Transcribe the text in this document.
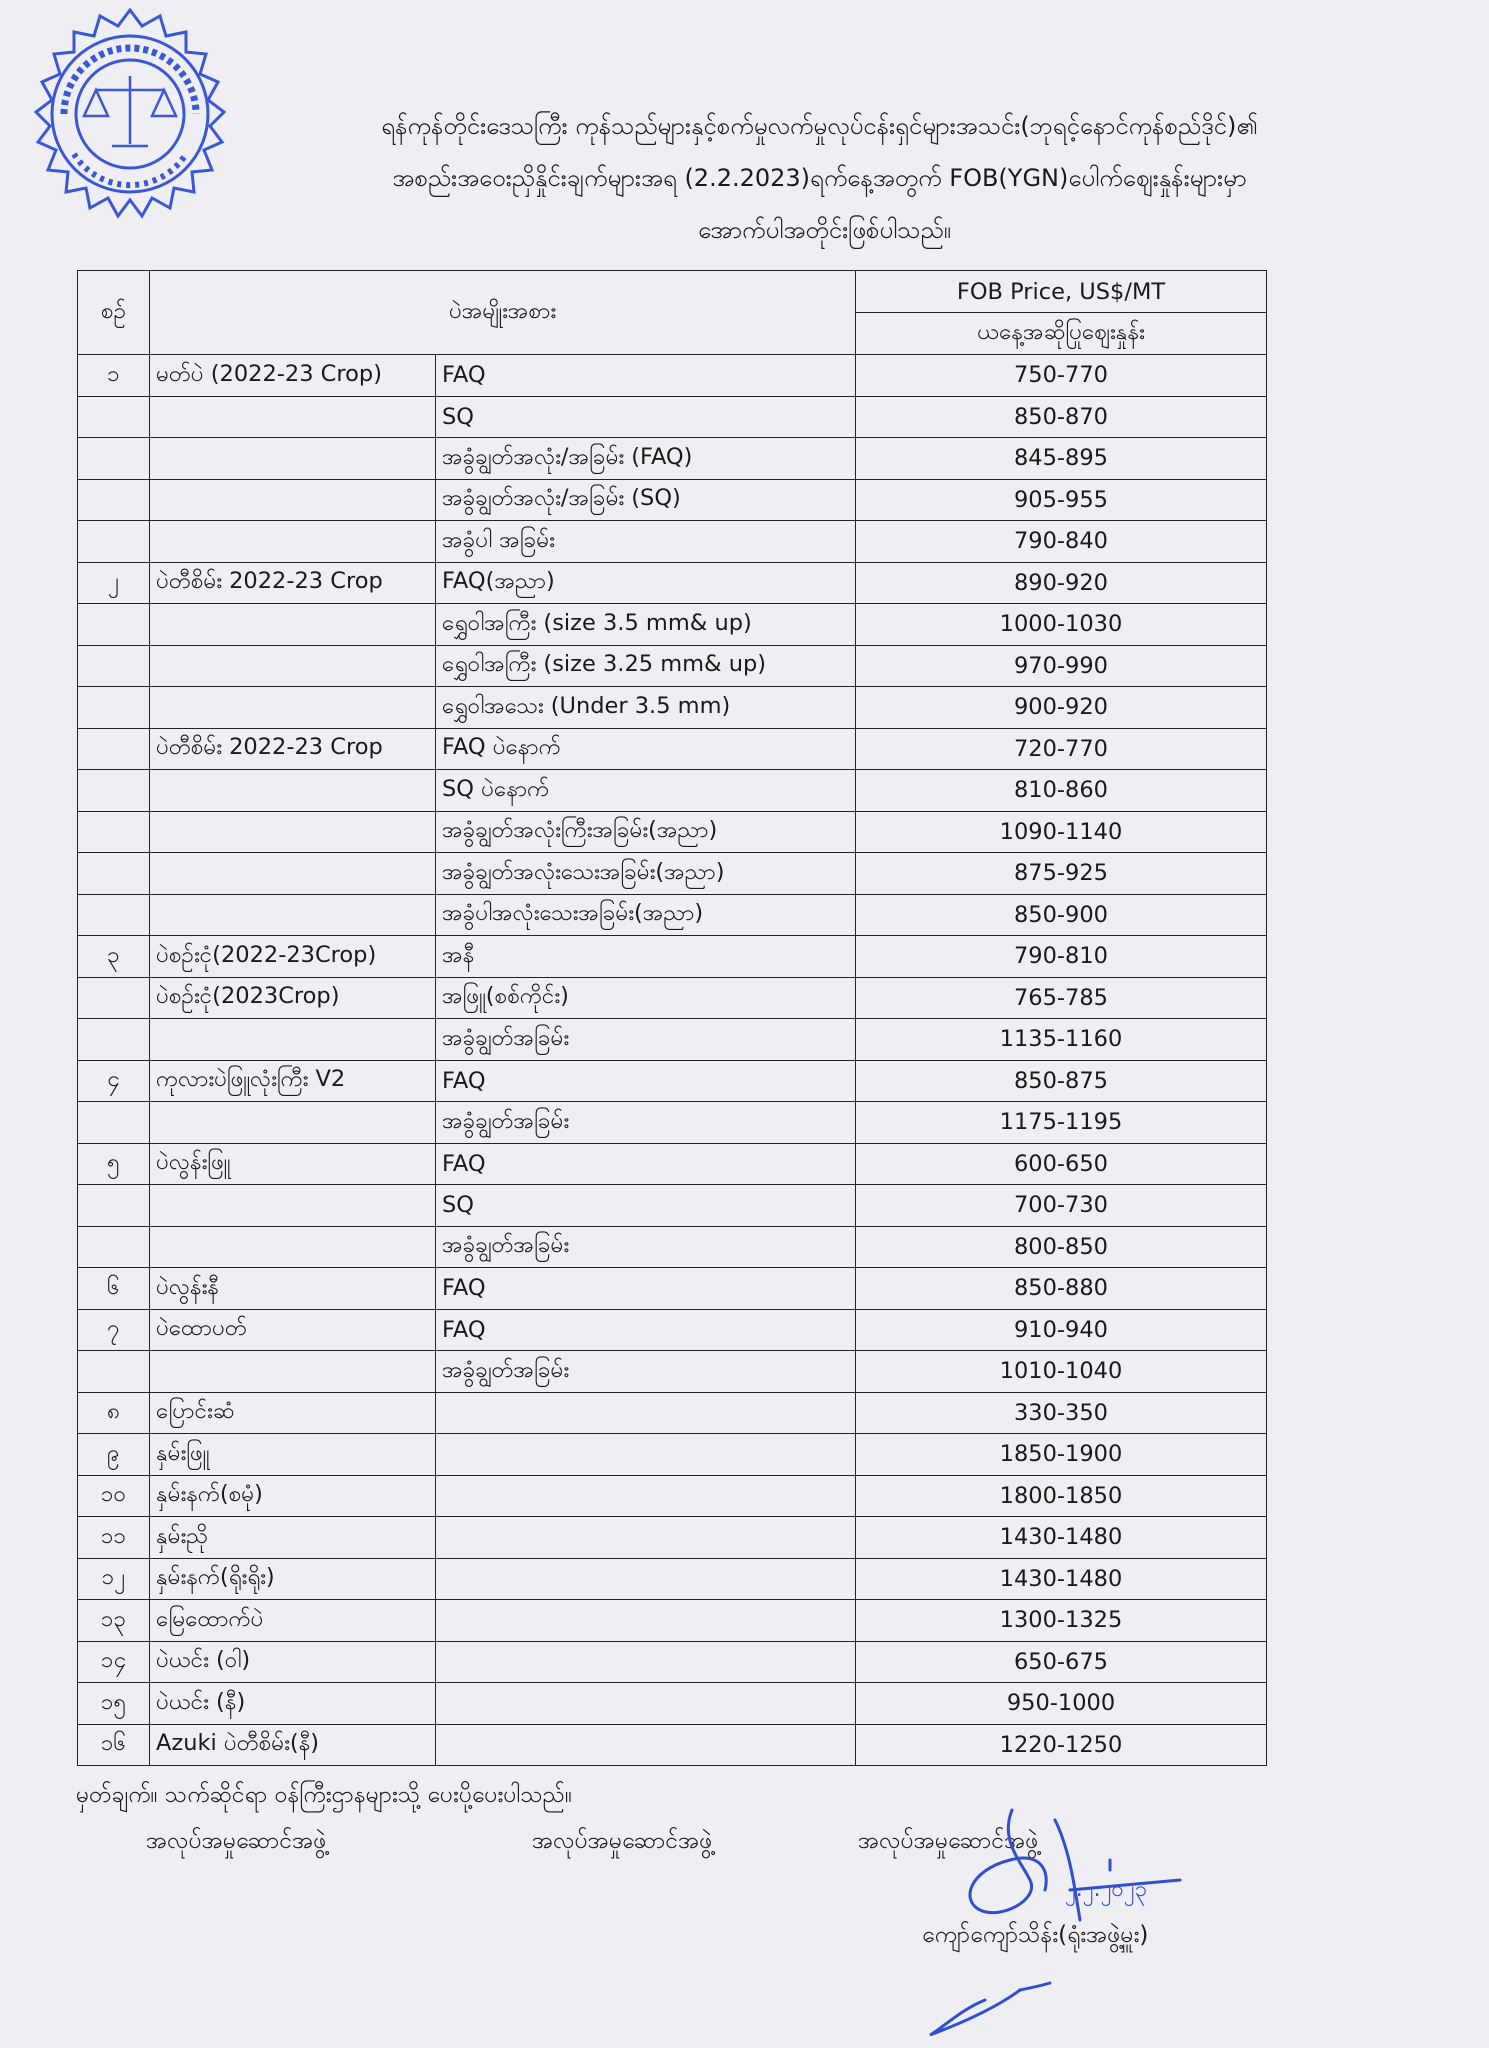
ရန်ကုန်တိုင်းဒေသကြီး ကုန်သည်များနှင့်စက်မှုလက်မှုလုပ်ငန်းရှင်များအသင်း(ဘုရင့်နောင်ကုန်စည်ဒိုင်)၏
အစည်းအဝေးညှိနှိုင်းချက်များအရ (2.2.2023)ရက်နေ့အတွက် FOB(YGN)ပေါက်ဈေးနှုန်းများမှာ
အောက်ပါအတိုင်းဖြစ်ပါသည်။
စဉ်	ပဲအမျိုးအစား		FOB Price, US$/MT
			ယနေ့အဆိုပြုဈေးနှုန်း
၁	မတ်ပဲ (2022-23 Crop)	FAQ	750-770
		SQ	850-870
		အခွံချွတ်အလုံး/အခြမ်း (FAQ)	845-895
		အခွံချွတ်အလုံး/အခြမ်း (SQ)	905-955
		အခွံပါ အခြမ်း	790-840
၂	ပဲတီစိမ်း 2022-23 Crop	FAQ(အညာ)	890-920
		ရွှေဝါအကြီး (size 3.5 mm& up)	1000-1030
		ရွှေဝါအကြီး (size 3.25 mm& up)	970-990
		ရွှေဝါအသေး (Under 3.5 mm)	900-920
	ပဲတီစိမ်း 2022-23 Crop	FAQ ပဲနောက်	720-770
		SQ ပဲနောက်	810-860
		အခွံချွတ်အလုံးကြီးအခြမ်း(အညာ)	1090-1140
		အခွံချွတ်အလုံးသေးအခြမ်း(အညာ)	875-925
		အခွံပါအလုံးသေးအခြမ်း(အညာ)	850-900
၃	ပဲစဉ်းငုံ(2022-23Crop)	အနီ	790-810
	ပဲစဉ်းငုံ(2023Crop)	အဖြူ(စစ်ကိုင်း)	765-785
		အခွံချွတ်အခြမ်း	1135-1160
၄	ကုလားပဲဖြူလုံးကြီး V2	FAQ	850-875
		အခွံချွတ်အခြမ်း	1175-1195
၅	ပဲလွန်းဖြူ	FAQ	600-650
		SQ	700-730
		အခွံချွတ်အခြမ်း	800-850
၆	ပဲလွန်းနီ	FAQ	850-880
၇	ပဲထောပတ်	FAQ	910-940
		အခွံချွတ်အခြမ်း	1010-1040
၈	ပြောင်းဆံ		330-350
၉	နှမ်းဖြူ		1850-1900
၁၀	နှမ်းနက်(စမုံ)		1800-1850
၁၁	နှမ်းညို		1430-1480
၁၂	နှမ်းနက်(ရိုးရိုး)		1430-1480
၁၃	မြေထောက်ပဲ		1300-1325
၁၄	ပဲယင်း (ဝါ)		650-675
၁၅	ပဲယင်း (နီ)		950-1000
၁၆	Azuki ပဲတီစိမ်း(နီ)		1220-1250
မှတ်ချက်။ သက်ဆိုင်ရာ ဝန်ကြီးဌာနများသို့ ပေးပို့ပေးပါသည်။
အလုပ်အမှုဆောင်အဖွဲ့	အလုပ်အမှုဆောင်အဖွဲ့	အလုပ်အမှုဆောင်အဖွဲ့
ကျော်ကျော်သိန်း(ရုံးအဖွဲ့မှူး)
၂.၂.၂၀၂၃
